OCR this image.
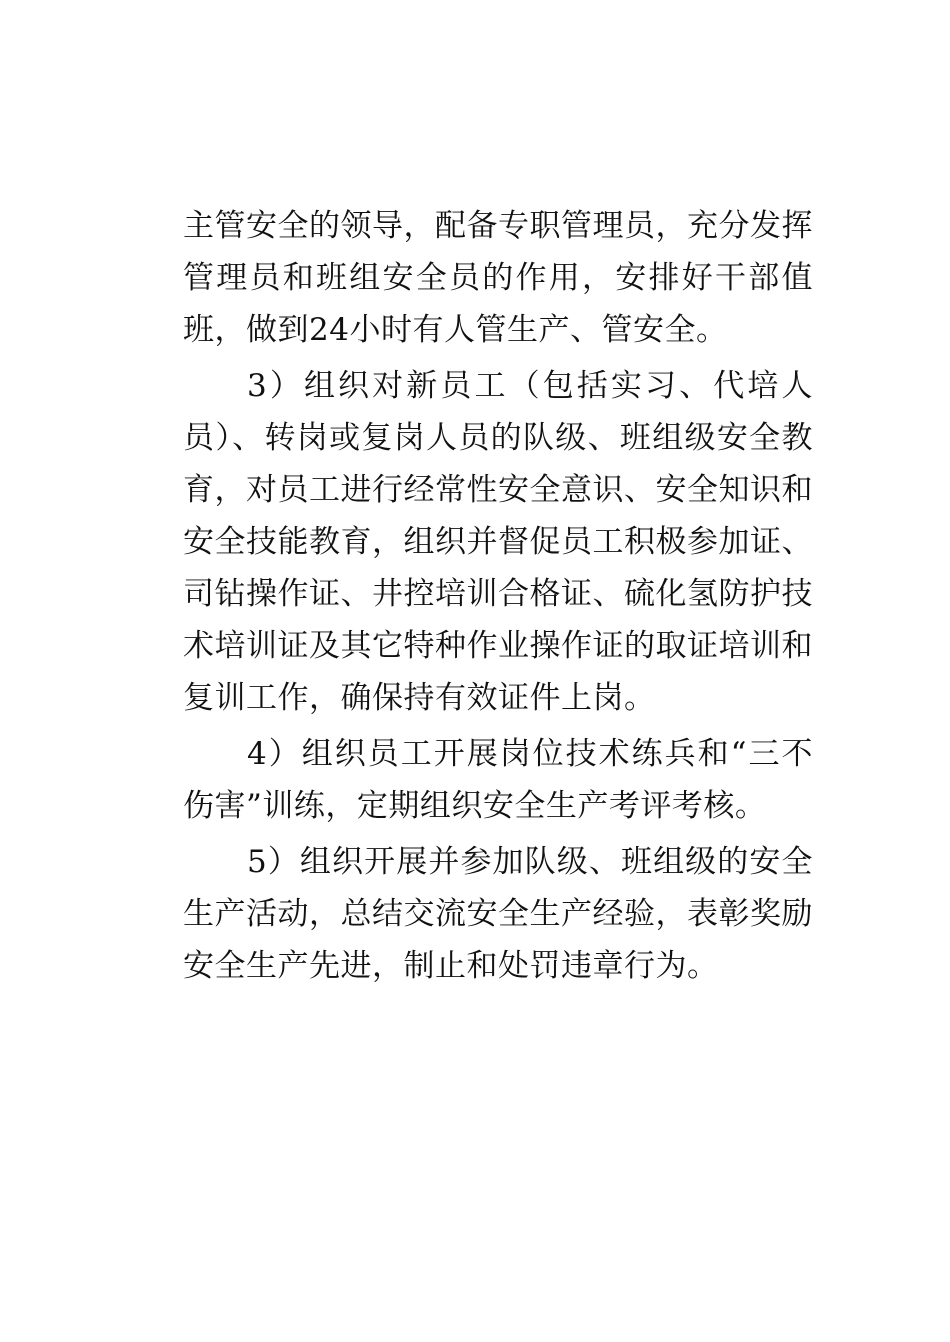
主管安全的领导，配备专职管理员，充分发挥管理员和班组安全员的作用，安排好干部值班，做到24小时有人管生产、管安全。

3）组织对新员工（包括实习、代培人员）、转岗或复岗人员的队级、班组级安全教育，对员工进行经常性安全意识、安全知识和安全技能教育，组织并督促员工积极参加证、司钻操作证、井控培训合格证、硫化氢防护技术培训证及其它特种作业操作证的取证培训和复训工作，确保持有效证件上岗。

4）组织员工开展岗位技术练兵和“三不伤害”训练，定期组织安全生产考评考核。

5）组织开展并参加队级、班组级的安全生产活动，总结交流安全生产经验，表彰奖励安全生产先进，制止和处罚违章行为。
